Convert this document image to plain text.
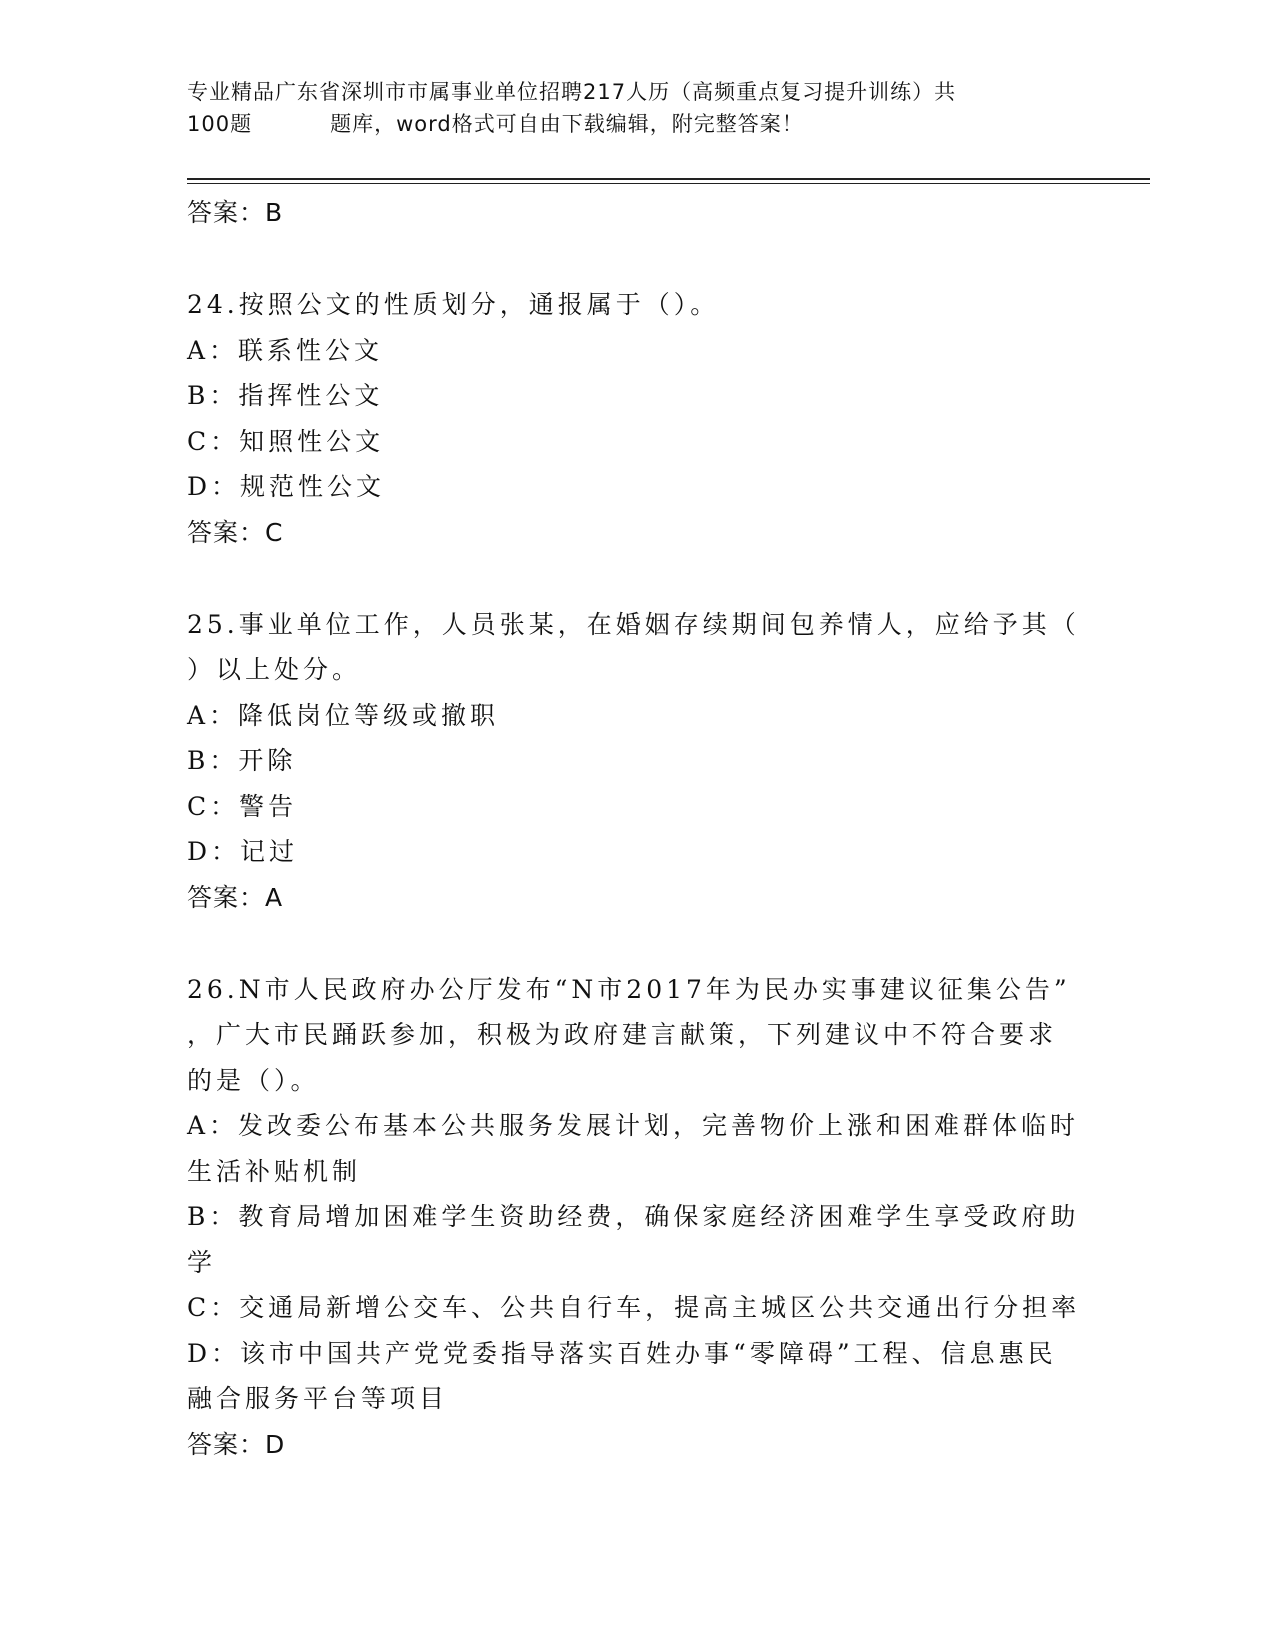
专业精品广东省深圳市市属事业单位招聘217人历（高频重点复习提升训练）共
100题	题库，word格式可自由下载编辑，附完整答案！
答案：B
24.按照公文的性质划分，通报属于（）。
A：联系性公文
B：指挥性公文
C：知照性公文
D：规范性公文
答案：C
25.事业单位工作，人员张某，在婚姻存续期间包养情人，应给予其（
）以上处分。
A：降低岗位等级或撤职
B：开除
C：警告
D：记过
答案：A
26.N市人民政府办公厅发布“N市2017年为民办实事建议征集公告”
，广大市民踊跃参加，积极为政府建言献策，下列建议中不符合要求
的是（）。
A：发改委公布基本公共服务发展计划，完善物价上涨和困难群体临时
生活补贴机制
B：教育局增加困难学生资助经费，确保家庭经济困难学生享受政府助
学
C：交通局新增公交车、公共自行车，提高主城区公共交通出行分担率
D：该市中国共产党党委指导落实百姓办事“零障碍”工程、信息惠民
融合服务平台等项目
答案：D
